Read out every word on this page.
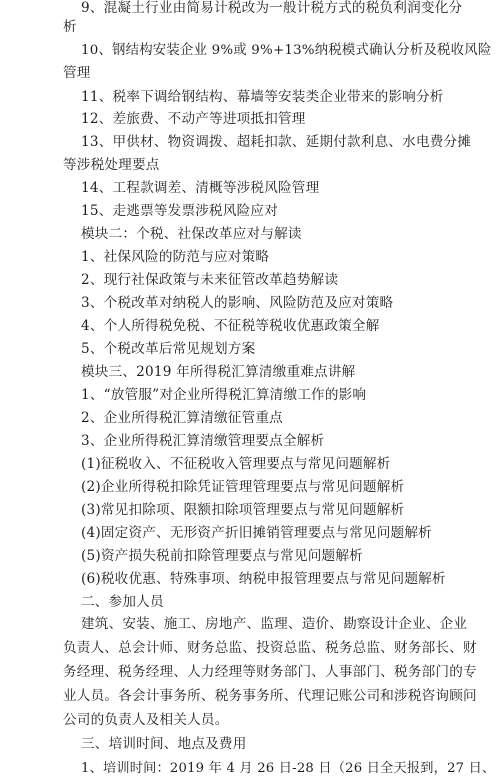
9、混凝土行业由简易计税改为一般计税方式的税负利润变化分
析
10、钢结构安装企业 9%或 9%+13%纳税模式确认分析及税收风险
管理
11、税率下调给钢结构、幕墙等安装类企业带来的影响分析
12、差旅费、不动产等进项抵扣管理
13、甲供材、物资调拨、超耗扣款、延期付款利息、水电费分摊
等涉税处理要点
14、工程款调差、清概等涉税风险管理
15、走逃票等发票涉税风险应对
模块二：个税、社保改革应对与解读
1、社保风险的防范与应对策略
2、现行社保政策与未来征管改革趋势解读
3、个税改革对纳税人的影响、风险防范及应对策略
4、个人所得税免税、不征税等税收优惠政策全解
5、个税改革后常见规划方案
模块三、2019 年所得税汇算清缴重难点讲解
1、“放管服”对企业所得税汇算清缴工作的影响
2、企业所得税汇算清缴征管重点
3、企业所得税汇算清缴管理要点全解析
(1)征税收入、不征税收入管理要点与常见问题解析
(2)企业所得税扣除凭证管理管理要点与常见问题解析
(3)常见扣除项、限额扣除项管理要点与常见问题解析
(4)固定资产、无形资产折旧摊销管理要点与常见问题解析
(5)资产损失税前扣除管理要点与常见问题解析
(6)税收优惠、特殊事项、纳税申报管理要点与常见问题解析
二、参加人员
建筑、安装、施工、房地产、监理、造价、勘察设计企业、企业
负责人、总会计师、财务总监、投资总监、税务总监、财务部长、财
务经理、税务经理、人力经理等财务部门、人事部门、税务部门的专
业人员。各会计事务所、税务事务所、代理记账公司和涉税咨询顾问
公司的负责人及相关人员。
三、培训时间、地点及费用
1、培训时间：2019 年 4 月 26 日-28 日（26 日全天报到，27 日、
